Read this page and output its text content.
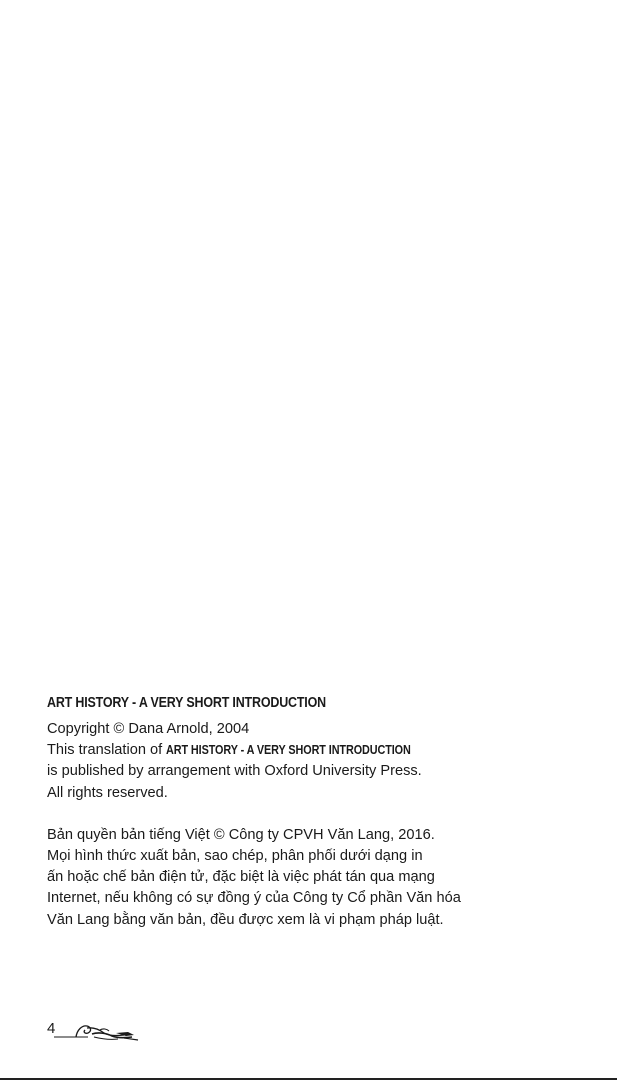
ART HISTORY - A VERY SHORT INTRODUCTION
Copyright © Dana Arnold, 2004
This translation of ART HISTORY - A VERY SHORT INTRODUCTION
is published by arrangement with Oxford University Press.
All rights reserved.
Bản quyền bản tiếng Việt © Công ty CPVH Văn Lang, 2016.
Mọi hình thức xuất bản, sao chép, phân phối dưới dạng in
ấn hoặc chế bản điện tử, đặc biệt là việc phát tán qua mạng
Internet, nếu không có sự đồng ý của Công ty Cổ phần Văn hóa
Văn Lang bằng văn bản, đều được xem là vi phạm pháp luật.
4
